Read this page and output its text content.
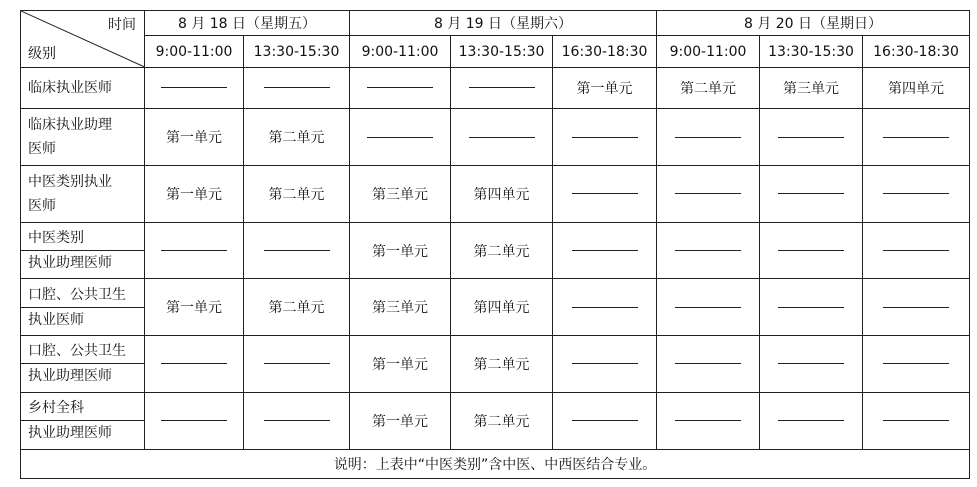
时间
级别	8 月 18 日（星期五）		8 月 19 日（星期六）			8 月 20 日（星期日）		
	9:00-11:00	13:30-15:30	9:00-11:00	13:30-15:30	16:30-18:30	9:00-11:00	13:30-15:30	16:30-18:30

临床执业医师					第一单元	第二单元	第三单元	第四单元

临床执业助理
医师	第一单元	第二单元						

中医类别执业
医师	第一单元	第二单元	第三单元	第四单元				

中医类别
执业助理医师			第一单元	第二单元				

口腔、公共卫生
执业医师	第一单元	第二单元	第三单元	第四单元				

口腔、公共卫生
执业助理医师			第一单元	第二单元				

乡村全科
执业助理医师			第一单元	第二单元				
说明：上表中“中医类别”含中医、中西医结合专业。								
